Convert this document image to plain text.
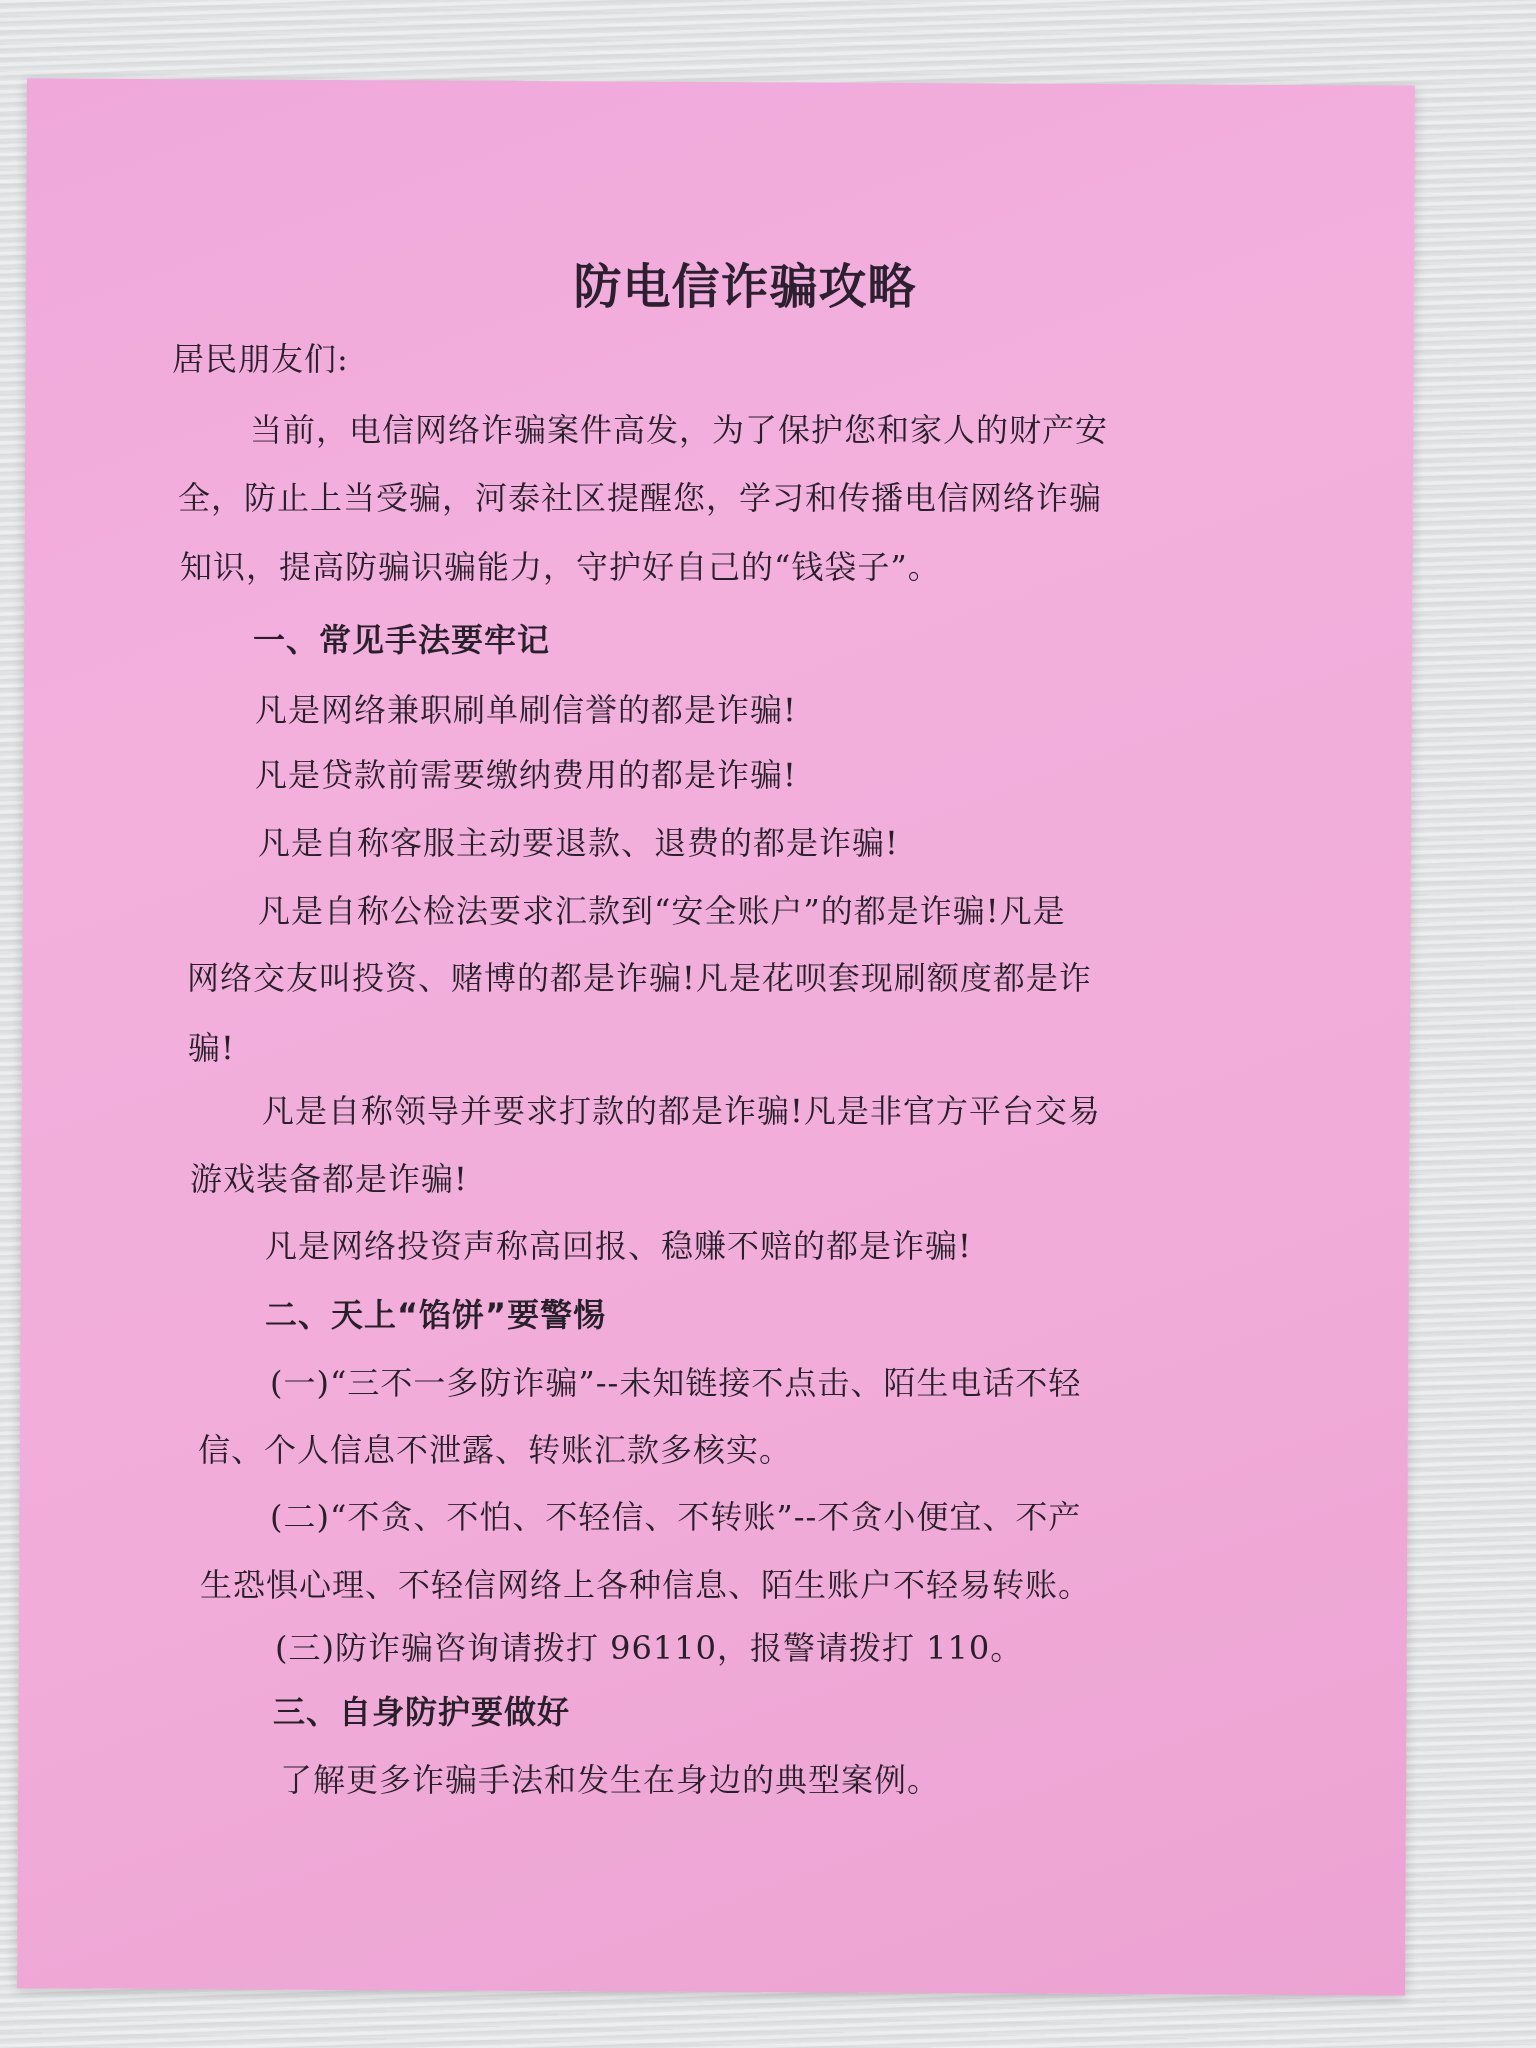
防电信诈骗攻略
居民朋友们:
当前，电信网络诈骗案件高发，为了保护您和家人的财产安
全，防止上当受骗，河泰社区提醒您，学习和传播电信网络诈骗
知识，提高防骗识骗能力，守护好自己的“钱袋子”。
一、常见手法要牢记
凡是网络兼职刷单刷信誉的都是诈骗!
凡是贷款前需要缴纳费用的都是诈骗!
凡是自称客服主动要退款、退费的都是诈骗!
凡是自称公检法要求汇款到“安全账户”的都是诈骗!凡是
网络交友叫投资、赌博的都是诈骗!凡是花呗套现刷额度都是诈
骗!
凡是自称领导并要求打款的都是诈骗!凡是非官方平台交易
游戏装备都是诈骗!
凡是网络投资声称高回报、稳赚不赔的都是诈骗!
二、天上“馅饼”要警惕
(一)“三不一多防诈骗”--未知链接不点击、陌生电话不轻
信、个人信息不泄露、转账汇款多核实。
(二)“不贪、不怕、不轻信、不转账”--不贪小便宜、不产
生恐惧心理、不轻信网络上各种信息、陌生账户不轻易转账。
(三)防诈骗咨询请拨打 96110，报警请拨打 110。
三、自身防护要做好
了解更多诈骗手法和发生在身边的典型案例。
